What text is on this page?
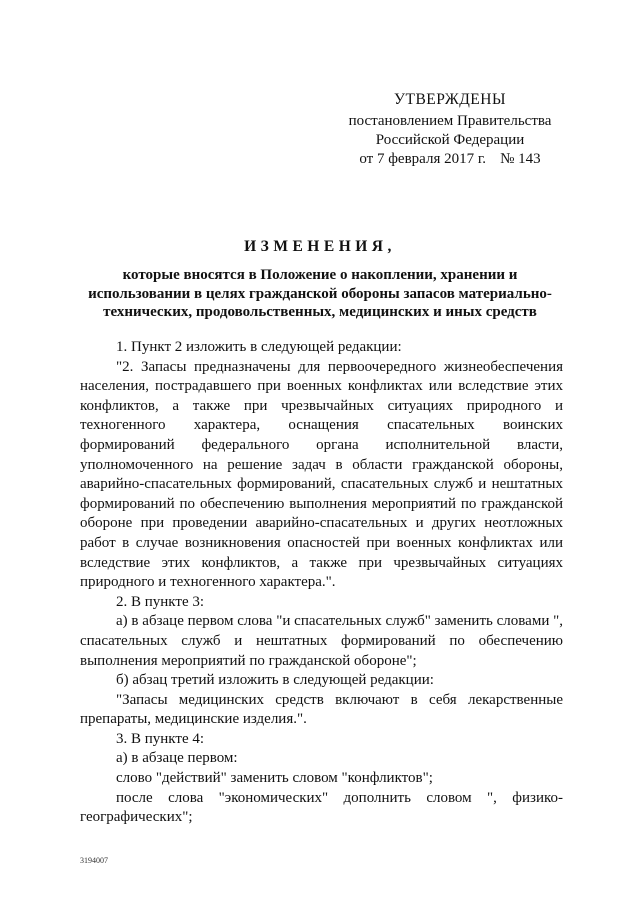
УТВЕРЖДЕНЫ
постановлением Правительства
Российской Федерации
от 7 февраля 2017 г. № 143
ИЗМЕНЕНИЯ,
которые вносятся в Положение о накоплении, хранении и
использовании в целях гражданской обороны запасов материально-
технических, продовольственных, медицинских и иных средств

1. Пункт 2 изложить в следующей редакции:

"2. Запасы предназначены для первоочередного жизнеобеспечения населения, пострадавшего при военных конфликтах или вследствие этих конфликтов, а также при чрезвычайных ситуациях природного и техногенного характера, оснащения спасательных воинских формирований федерального органа исполнительной власти, уполномоченного на решение задач в области гражданской обороны, аварийно-спасательных формирований, спасательных служб и нештатных формирований по обеспечению выполнения мероприятий по гражданской обороне при проведении аварийно-спасательных и других неотложных работ в случае возникновения опасностей при военных конфликтах или вследствие этих конфликтов, а также при чрезвычайных ситуациях природного и техногенного характера.".

2. В пункте 3:

а) в абзаце первом слова "и спасательных служб" заменить словами ", спасательных служб и нештатных формирований по обеспечению выполнения мероприятий по гражданской обороне";

б) абзац третий изложить в следующей редакции:

"Запасы медицинских средств включают в себя лекарственные препараты, медицинские изделия.".

3. В пункте 4:

а) в абзаце первом:

слово "действий" заменить словом "конфликтов";

после слова "экономических" дополнить словом ", физико-географических";

3194007
